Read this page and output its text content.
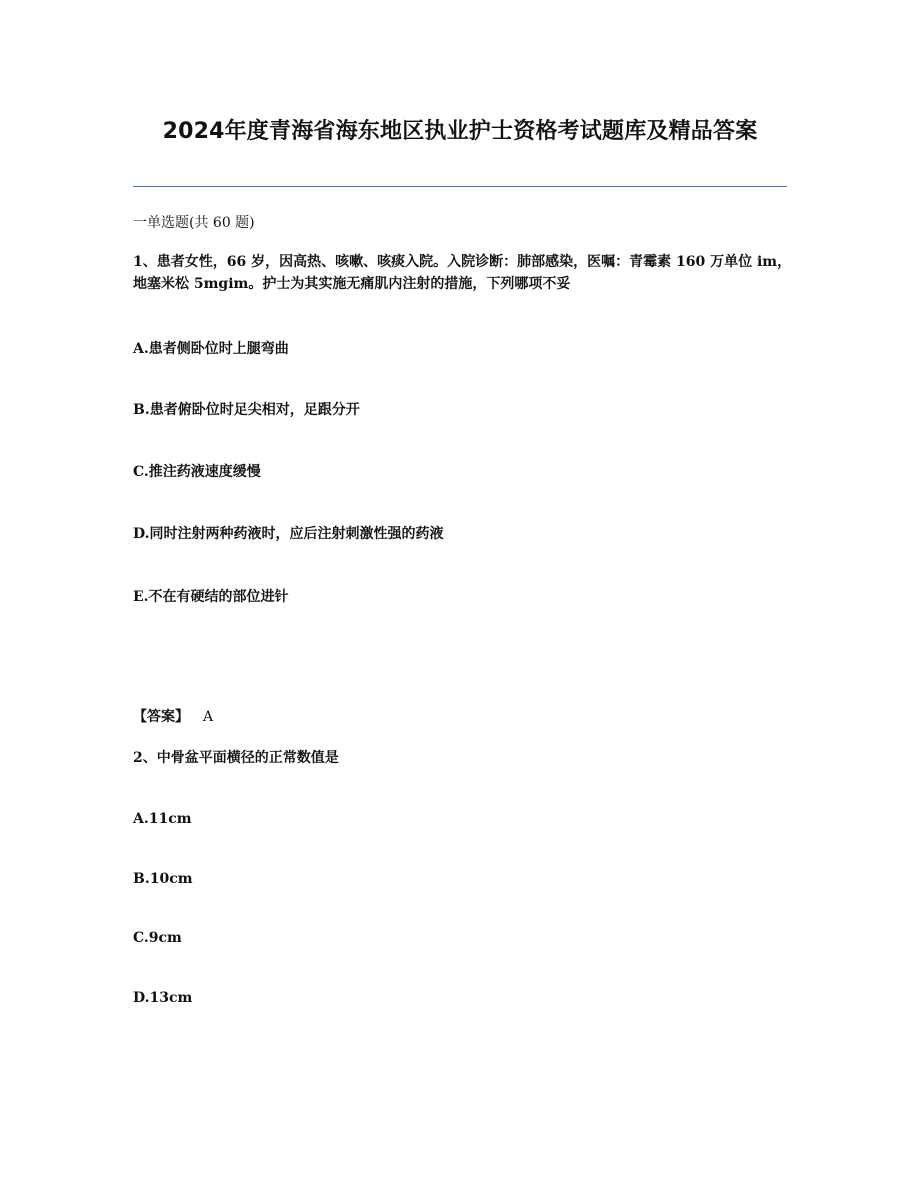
2024年度青海省海东地区执业护士资格考试题库及精品答案
一单选题(共 60 题)
1、患者女性，66 岁，因高热、咳嗽、咳痰入院。入院诊断：肺部感染，医嘱：青霉素 160 万单位 im，地塞米松 5mgim。护士为其实施无痛肌内注射的措施，下列哪项不妥
A.患者侧卧位时上腿弯曲
B.患者俯卧位时足尖相对，足跟分开
C.推注药液速度缓慢
D.同时注射两种药液时，应后注射刺激性强的药液
E.不在有硬结的部位进针
【答案】 A
2、中骨盆平面横径的正常数值是
A.11cm
B.10cm
C.9cm
D.13cm
